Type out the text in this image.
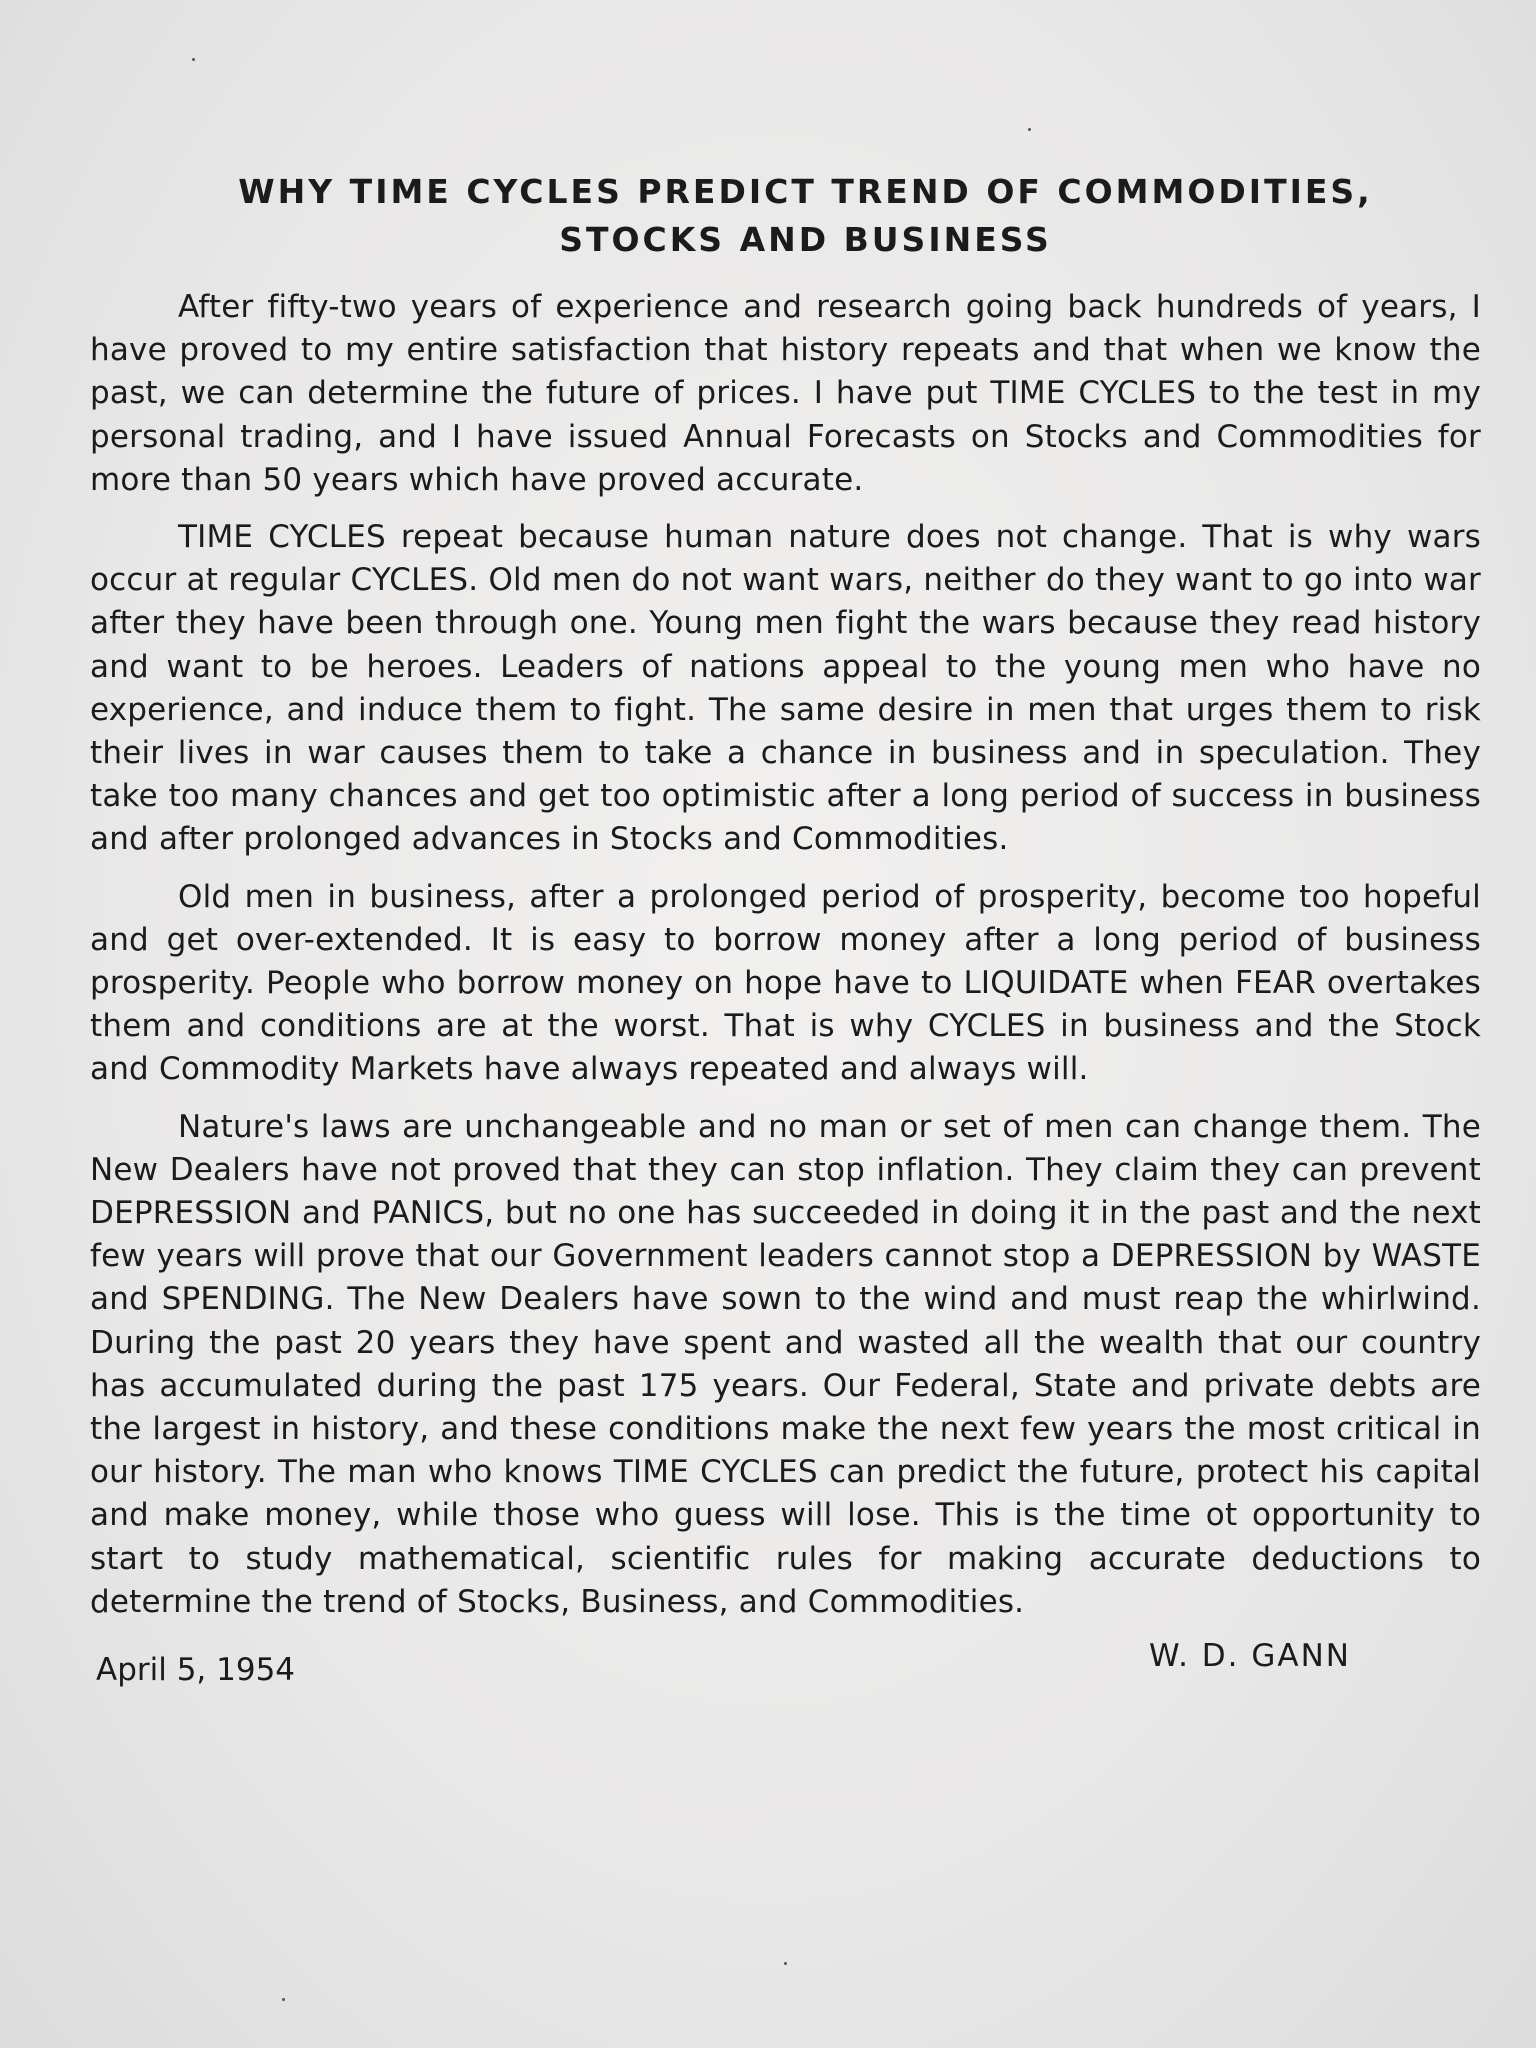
WHY TIME CYCLES PREDICT TREND OF COMMODITIES,
STOCKS AND BUSINESS

After fifty-two years of experience and research going back hundreds of years, I have proved to my entire satisfaction that history repeats and that when we know the past, we can determine the future of prices. I have put TIME CYCLES to the test in my personal trading, and I have issued Annual Forecasts on Stocks and Commodities for more than 50 years which have proved accurate.

TIME CYCLES repeat because human nature does not change. That is why wars occur at regular CYCLES. Old men do not want wars, neither do they want to go into war after they have been through one. Young men fight the wars because they read history and want to be heroes. Leaders of nations appeal to the young men who have no experience, and induce them to fight. The same desire in men that urges them to risk their lives in war causes them to take a chance in business and in speculation. They take too many chances and get too optimistic after a long period of success in business and after prolonged advances in Stocks and Commodities.

Old men in business, after a prolonged period of prosperity, become too hopeful and get over-extended. It is easy to borrow money after a long period of business prosperity. People who borrow money on hope have to LIQUIDATE when FEAR overtakes them and conditions are at the worst. That is why CYCLES in business and the Stock and Commodity Markets have always repeated and always will.

Nature's laws are unchangeable and no man or set of men can change them. The New Dealers have not proved that they can stop inflation. They claim they can prevent DEPRESSION and PANICS, but no one has succeeded in doing it in the past and the next few years will prove that our Government leaders cannot stop a DEPRESSION by WASTE and SPENDING. The New Dealers have sown to the wind and must reap the whirlwind. During the past 20 years they have spent and wasted all the wealth that our country has accumulated during the past 175 years. Our Federal, State and private debts are the largest in history, and these conditions make the next few years the most critical in our history. The man who knows TIME CYCLES can predict the future, protect his capital and make money, while those who guess will lose. This is the time ot opportunity to start to study mathematical, scientific rules for making accurate deductions to determine the trend of Stocks, Business, and Commodities.

April 5, 1954	W. D. GANN
